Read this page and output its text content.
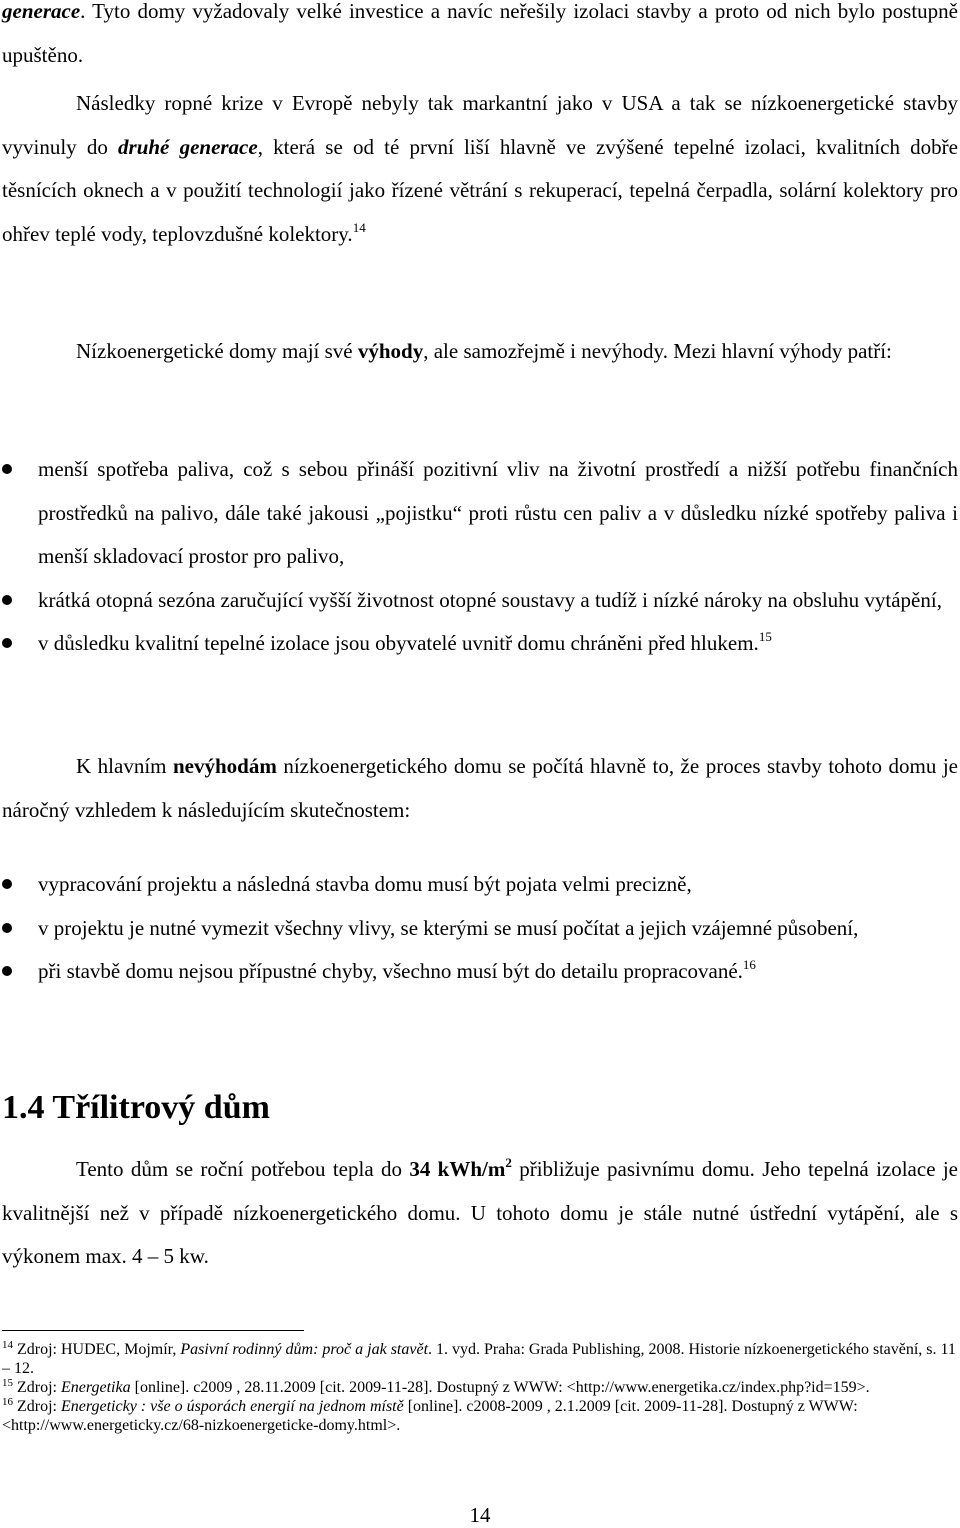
generace. Tyto domy vyžadovaly velké investice a navíc neřešily izolaci stavby a proto od nich bylo postupně upuštěno.

Následky ropné krize v Evropě nebyly tak markantní jako v USA a tak se nízkoenergetické stavby vyvinuly do druhé generace, která se od té první liší hlavně ve zvýšené tepelné izolaci, kvalitních dobře těsnících oknech a v použití technologií jako řízené větrání s rekuperací, tepelná čerpadla, solární kolektory pro ohřev teplé vody, teplovzdušné kolektory.$^{14}$

Nízkoenergetické domy mají své výhody, ale samozřejmě i nevýhody. Mezi hlavní výhody patří:

menší spotřeba paliva, což s sebou přináší pozitivní vliv na životní prostředí a nižší potřebu finančních prostředků na palivo, dále také jakousi „pojistku“ proti růstu cen paliv a v důsledku nízké spotřeby paliva i menší skladovací prostor pro palivo,
krátká otopná sezóna zaručující vyšší životnost otopné soustavy a tudíž i nízké nároky na obsluhu vytápění,
v důsledku kvalitní tepelné izolace jsou obyvatelé uvnitř domu chráněni před hlukem.$^{15}$

K hlavním nevýhodám nízkoenergetického domu se počítá hlavně to, že proces stavby tohoto domu je náročný vzhledem k následujícím skutečnostem:

vypracování projektu a následná stavba domu musí být pojata velmi precizně,
v projektu je nutné vymezit všechny vlivy, se kterými se musí počítat a jejich vzájemné působení,
při stavbě domu nejsou přípustné chyby, všechno musí být do detailu propracované.$^{16}$
1.4 Třílitrový dům

Tento dům se roční potřebou tepla do 34 kWh/$m^2$ přibližuje pasivnímu domu. Jeho tepelná izolace je kvalitnější než v případě nízkoenergetického domu. U tohoto domu je stále nutné ústřední vytápění, ale s výkonem max. 4 – 5 kw.

$^{14}$ Zdroj: HUDEC, Mojmír, Pasivní rodinný dům: proč a jak stavět. 1. vyd. Praha: Grada Publishing, 2008. Historie nízkoenergetického stavění, s. 11 – 12.

$^{15}$ Zdroj: Energetika [online]. c2009 , 28.11.2009 [cit. 2009-11-28]. Dostupný z WWW: <http://www.energetika.cz/index.php?id=159>.

$^{16}$ Zdroj: Energeticky : vše o úsporách energií na jednom místě [online]. c2008-2009 , 2.1.2009 [cit. 2009-11-28]. Dostupný z WWW: <http://www.energeticky.cz/68-nizkoenergeticke-domy.html>.

14
